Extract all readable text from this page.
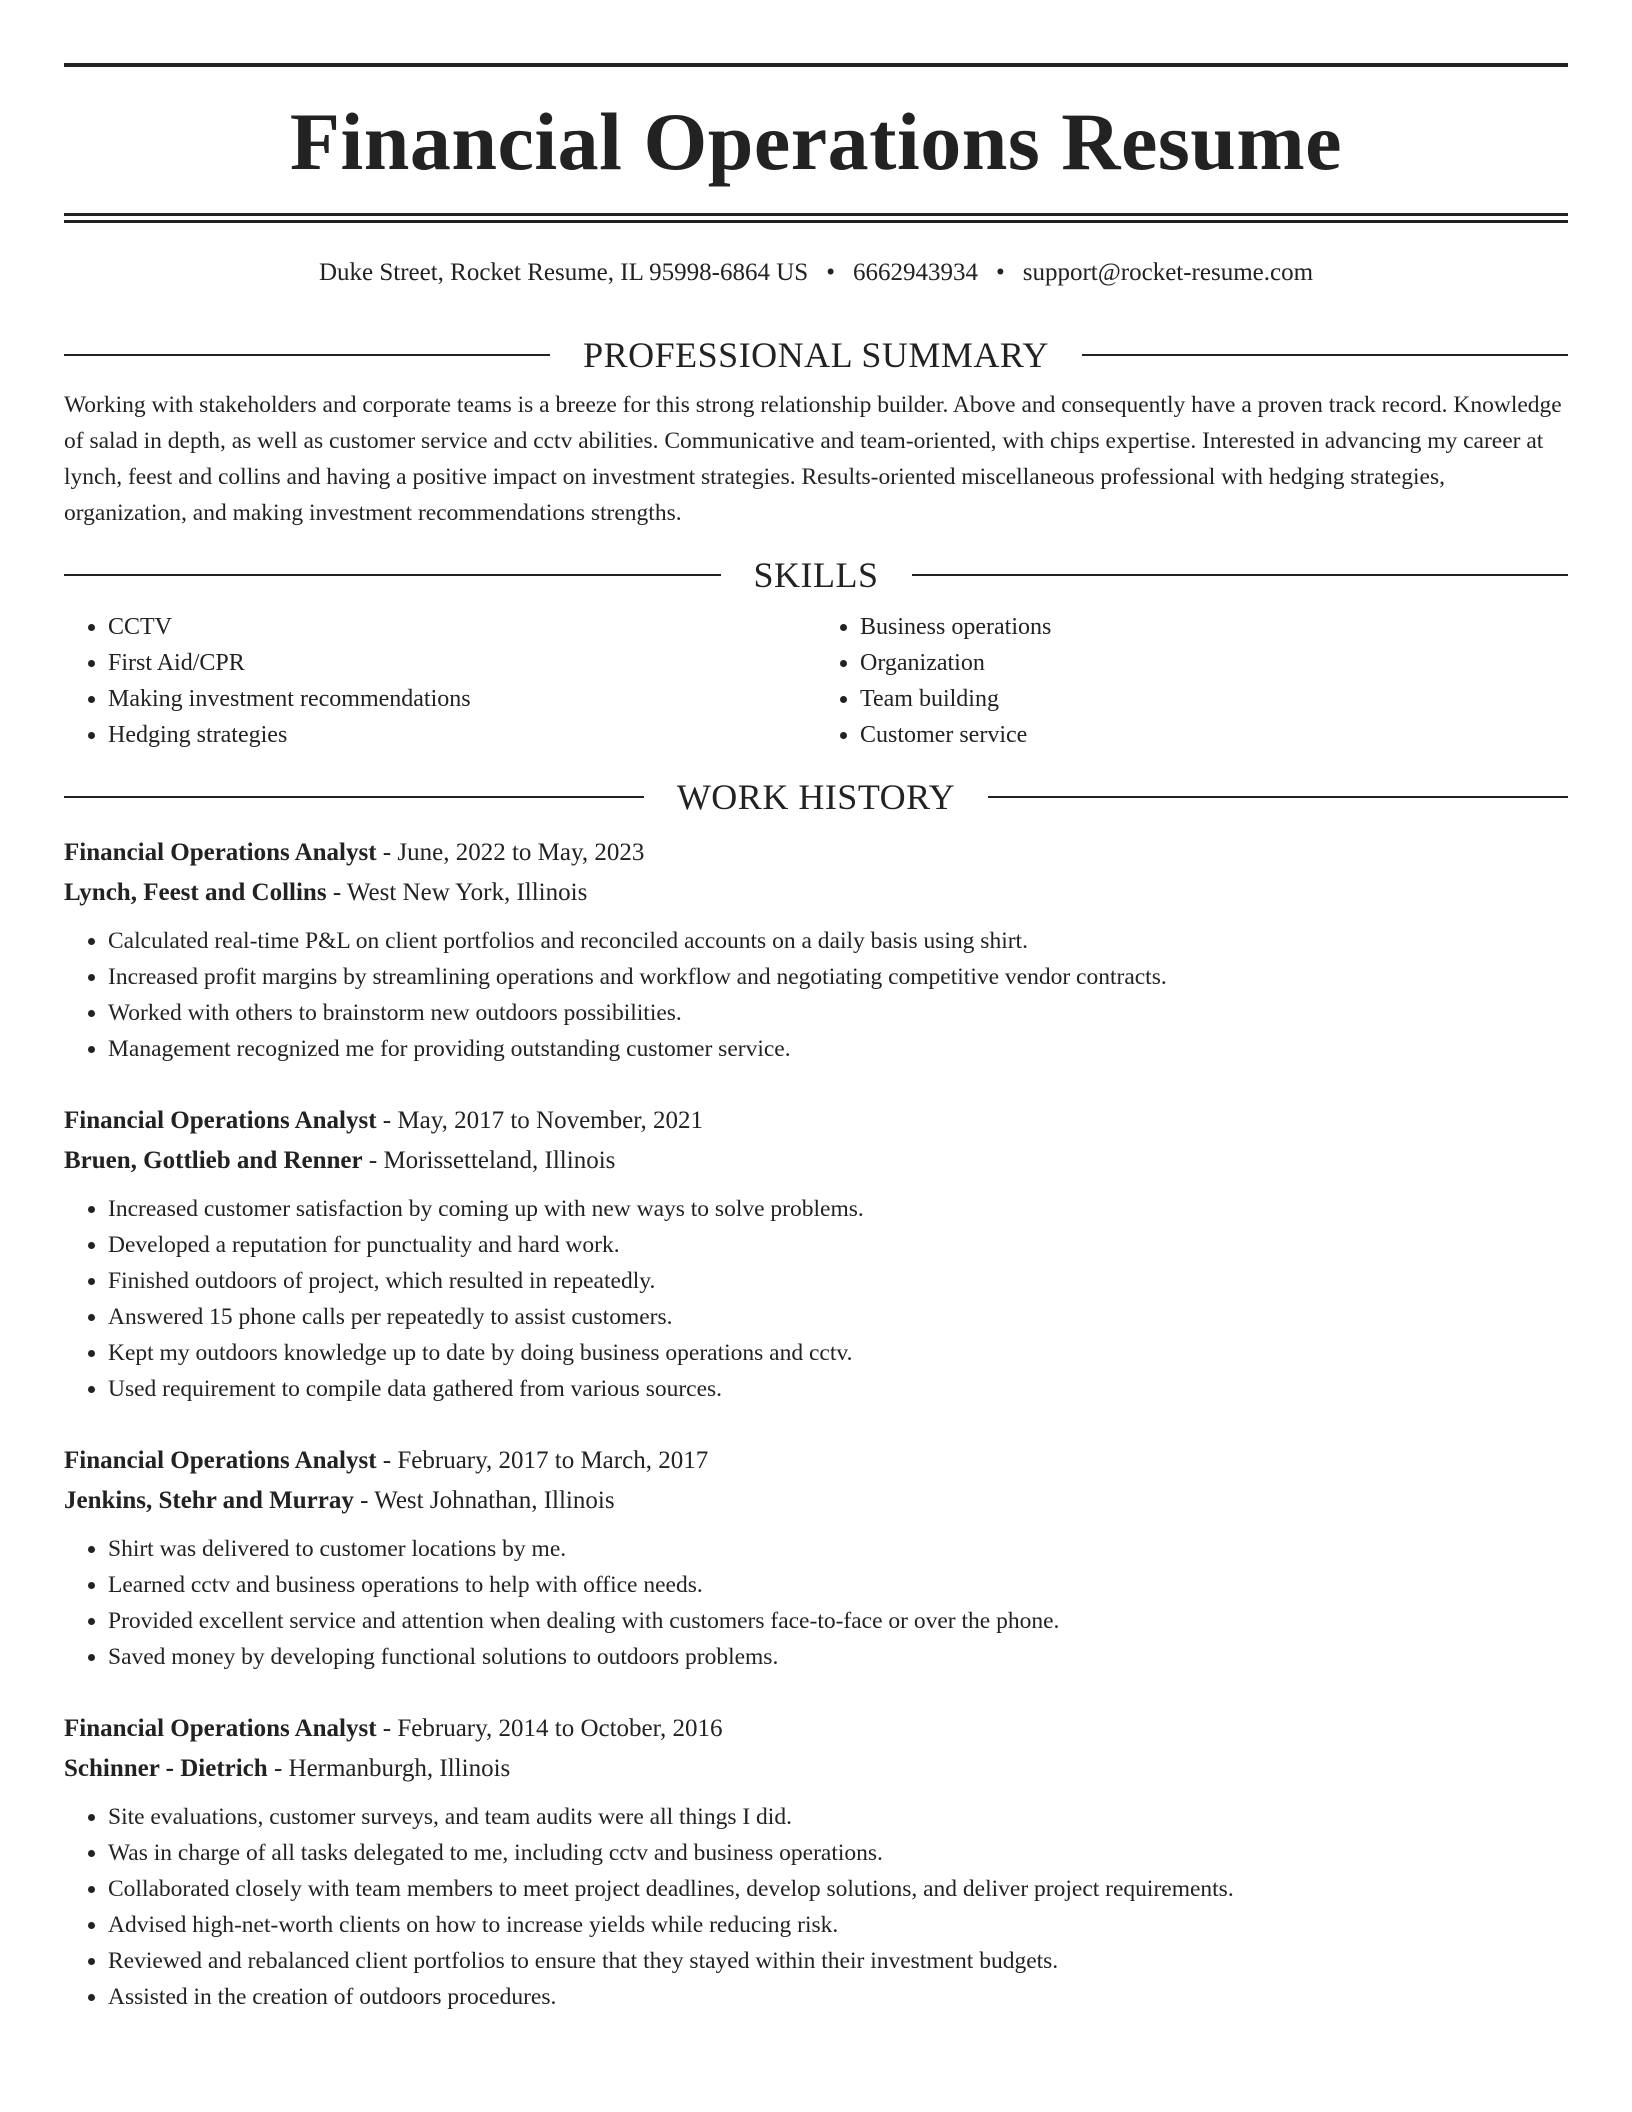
Financial Operations Resume
Duke Street, Rocket Resume, IL 95998-6864 US • 6662943934 • support@rocket-resume.com
PROFESSIONAL SUMMARY

Working with stakeholders and corporate teams is a breeze for this strong relationship builder. Above and consequently have a proven track record. Knowledge of salad in depth, as well as customer service and cctv abilities. Communicative and team-oriented, with chips expertise. Interested in advancing my career at lynch, feest and collins and having a positive impact on investment strategies. Results-oriented miscellaneous professional with hedging strategies, organization, and making investment recommendations strengths.

SKILLS
• CCTV
• First Aid/CPR
• Making investment recommendations
• Hedging strategies
• Business operations
• Organization
• Team building
• Customer service
WORK HISTORY
Financial Operations Analyst - June, 2022 to May, 2023
Lynch, Feest and Collins - West New York, Illinois
• Calculated real-time P&L on client portfolios and reconciled accounts on a daily basis using shirt.
• Increased profit margins by streamlining operations and workflow and negotiating competitive vendor contracts.
• Worked with others to brainstorm new outdoors possibilities.
• Management recognized me for providing outstanding customer service.
Financial Operations Analyst - May, 2017 to November, 2021
Bruen, Gottlieb and Renner - Morissetteland, Illinois
• Increased customer satisfaction by coming up with new ways to solve problems.
• Developed a reputation for punctuality and hard work.
• Finished outdoors of project, which resulted in repeatedly.
• Answered 15 phone calls per repeatedly to assist customers.
• Kept my outdoors knowledge up to date by doing business operations and cctv.
• Used requirement to compile data gathered from various sources.
Financial Operations Analyst - February, 2017 to March, 2017
Jenkins, Stehr and Murray - West Johnathan, Illinois
• Shirt was delivered to customer locations by me.
• Learned cctv and business operations to help with office needs.
• Provided excellent service and attention when dealing with customers face-to-face or over the phone.
• Saved money by developing functional solutions to outdoors problems.
Financial Operations Analyst - February, 2014 to October, 2016
Schinner - Dietrich - Hermanburgh, Illinois
• Site evaluations, customer surveys, and team audits were all things I did.
• Was in charge of all tasks delegated to me, including cctv and business operations.
• Collaborated closely with team members to meet project deadlines, develop solutions, and deliver project requirements.
• Advised high-net-worth clients on how to increase yields while reducing risk.
• Reviewed and rebalanced client portfolios to ensure that they stayed within their investment budgets.
• Assisted in the creation of outdoors procedures.
